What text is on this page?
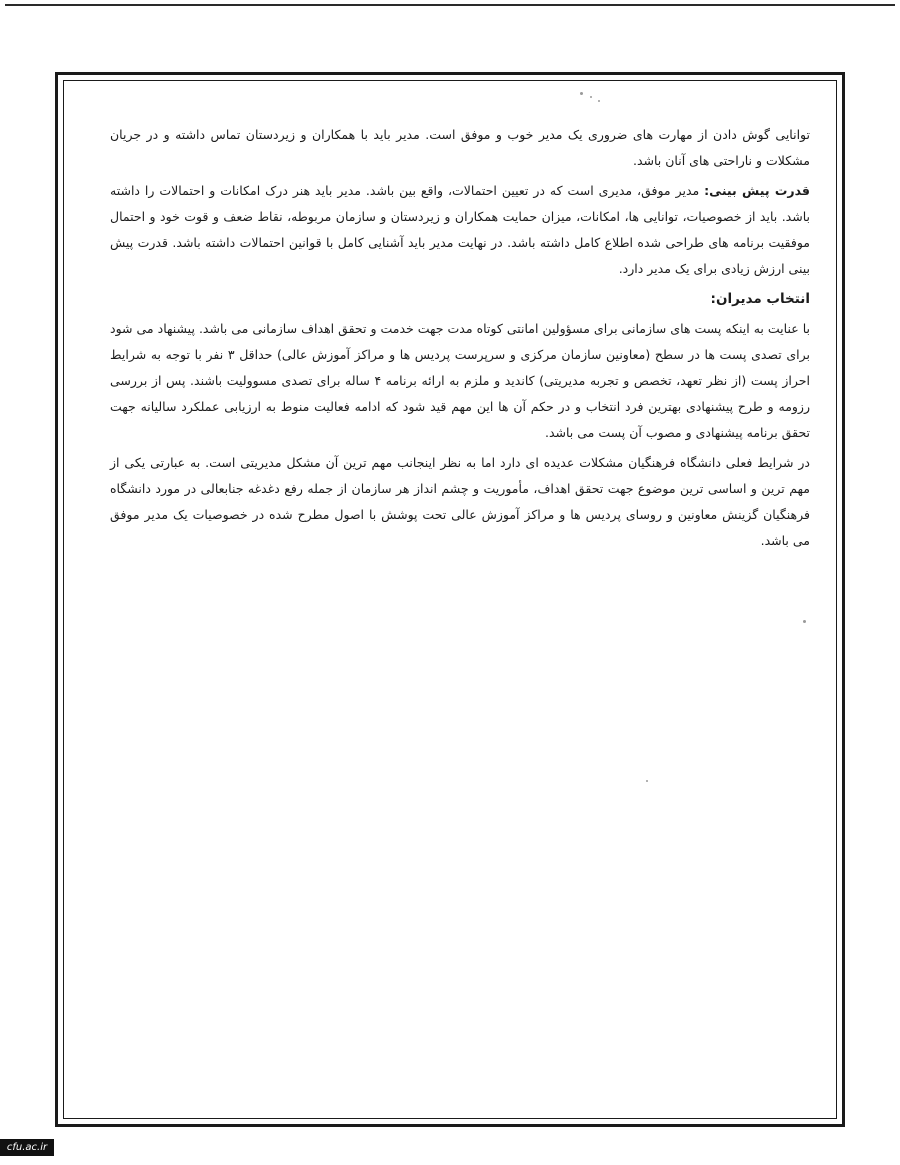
توانایی گوش دادن از مهارت های ضروری یک مدیر خوب و موفق است. مدیر باید با همکاران و زیردستان تماس داشته و در جریان مشکلات و ناراحتی های آنان باشد.

قدرت پیش بینی: مدیر موفق، مدیری است که در تعیین احتمالات، واقع بین باشد. مدیر باید هنر درک امکانات و احتمالات را داشته باشد. باید از خصوصیات، توانایی ها، امکانات، میزان حمایت همکاران و زیردستان و سازمان مربوطه، نقاط ضعف و قوت خود و احتمال موفقیت برنامه های طراحی شده اطلاع کامل داشته باشد. در نهایت مدیر باید آشنایی کامل با قوانین احتمالات داشته باشد. قدرت پیش بینی ارزش زیادی برای یک مدیر دارد.

انتخاب مدیران:

با عنایت به اینکه پست های سازمانی برای مسؤولین امانتی کوتاه مدت جهت خدمت و تحقق اهداف سازمانی می باشد. پیشنهاد می شود برای تصدی پست ها در سطح (معاونین سازمان مرکزی و سرپرست پردیس ها و مراکز آموزش عالی) حداقل ۳ نفر با توجه به شرایط احراز پست (از نظر تعهد، تخصص و تجربه مدیریتی) کاندید و ملزم به ارائه برنامه ۴ ساله برای تصدی مسوولیت باشند. پس از بررسی رزومه و طرح پیشنهادی بهترین فرد انتخاب و در حکم آن ها این مهم قید شود که ادامه فعالیت منوط به ارزیابی عملکرد سالیانه جهت تحقق برنامه پیشنهادی و مصوب آن پست می باشد.

در شرایط فعلی دانشگاه فرهنگیان مشکلات عدیده ای دارد اما به نظر اینجانب مهم ترین آن مشکل مدیریتی است. به عبارتی یکی از مهم ترین و اساسی ترین موضوع جهت تحقق اهداف، مأموریت و چشم انداز هر سازمان از جمله رفع دغدغه جنابعالی در مورد دانشگاه فرهنگیان گزینش معاونین و روسای پردیس ها و مراکز آموزش عالی تحت پوشش با اصول مطرح شده در خصوصیات یک مدیر موفق می باشد.

cfu.ac.ir
